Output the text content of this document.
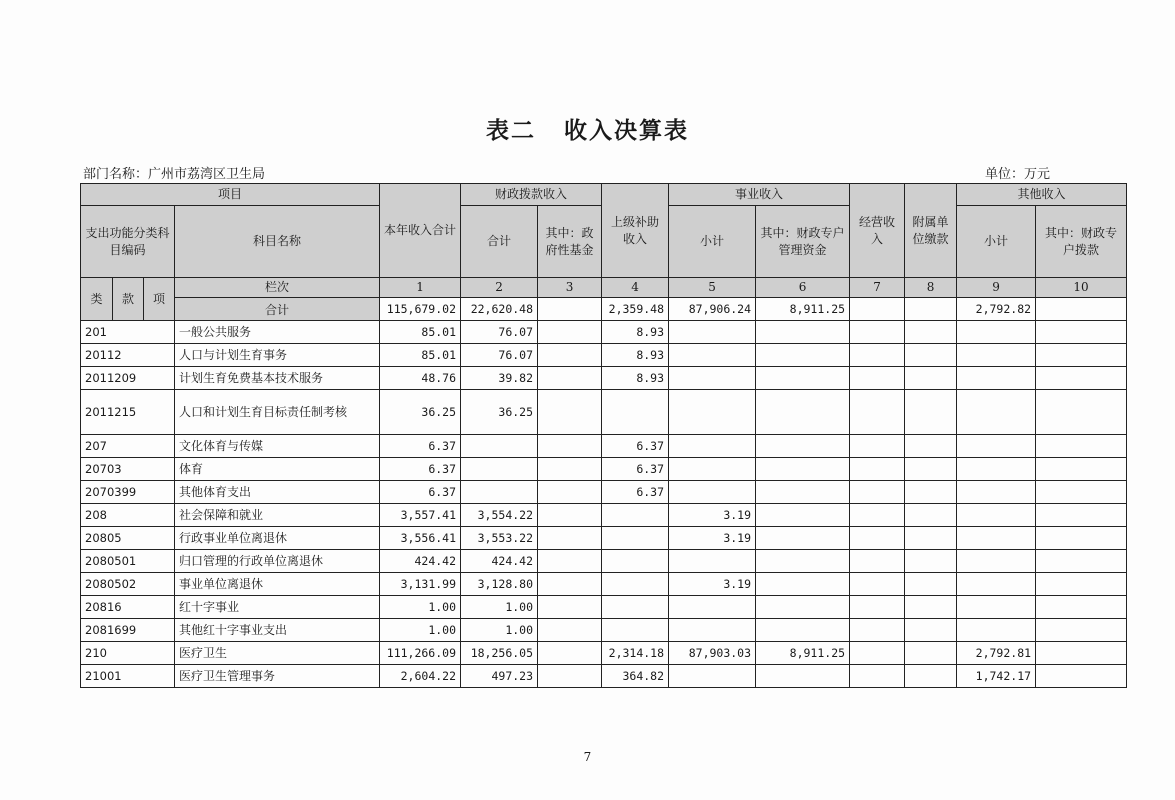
表二 收入决算表
部门名称：广州市荔湾区卫生局	单位：万元
项目				本年收入合计	财政拨款收入		上级补助收入	事业收入		经营收入	附属单位缴款	其他收入	
支出功能分类科目编码			科目名称		合计	其中：政府性基金		小计	其中：财政专户管理资金			小计	其中：财政专户拨款
类	款	项	栏次	1	2	3	4	5	6	7	8	9	10
			合计	115,679.02	22,620.48		2,359.48	87,906.24	8,911.25			2,792.82	
201			一般公共服务	85.01	76.07		8.93						
20112			人口与计划生育事务	85.01	76.07		8.93						
2011209			计划生育免费基本技术服务	48.76	39.82		8.93						
2011215			人口和计划生育目标责任制考核	36.25	36.25								
207			文化体育与传媒	6.37			6.37						
20703			体育	6.37			6.37						
2070399			其他体育支出	6.37			6.37						
208			社会保障和就业	3,557.41	3,554.22			3.19					
20805			行政事业单位离退休	3,556.41	3,553.22			3.19					
2080501			归口管理的行政单位离退休	424.42	424.42								
2080502			事业单位离退休	3,131.99	3,128.80			3.19					
20816			红十字事业	1.00	1.00								
2081699			其他红十字事业支出	1.00	1.00								
210			医疗卫生	111,266.09	18,256.05		2,314.18	87,903.03	8,911.25			2,792.81	
21001			医疗卫生管理事务	2,604.22	497.23		364.82					1,742.17	
7
